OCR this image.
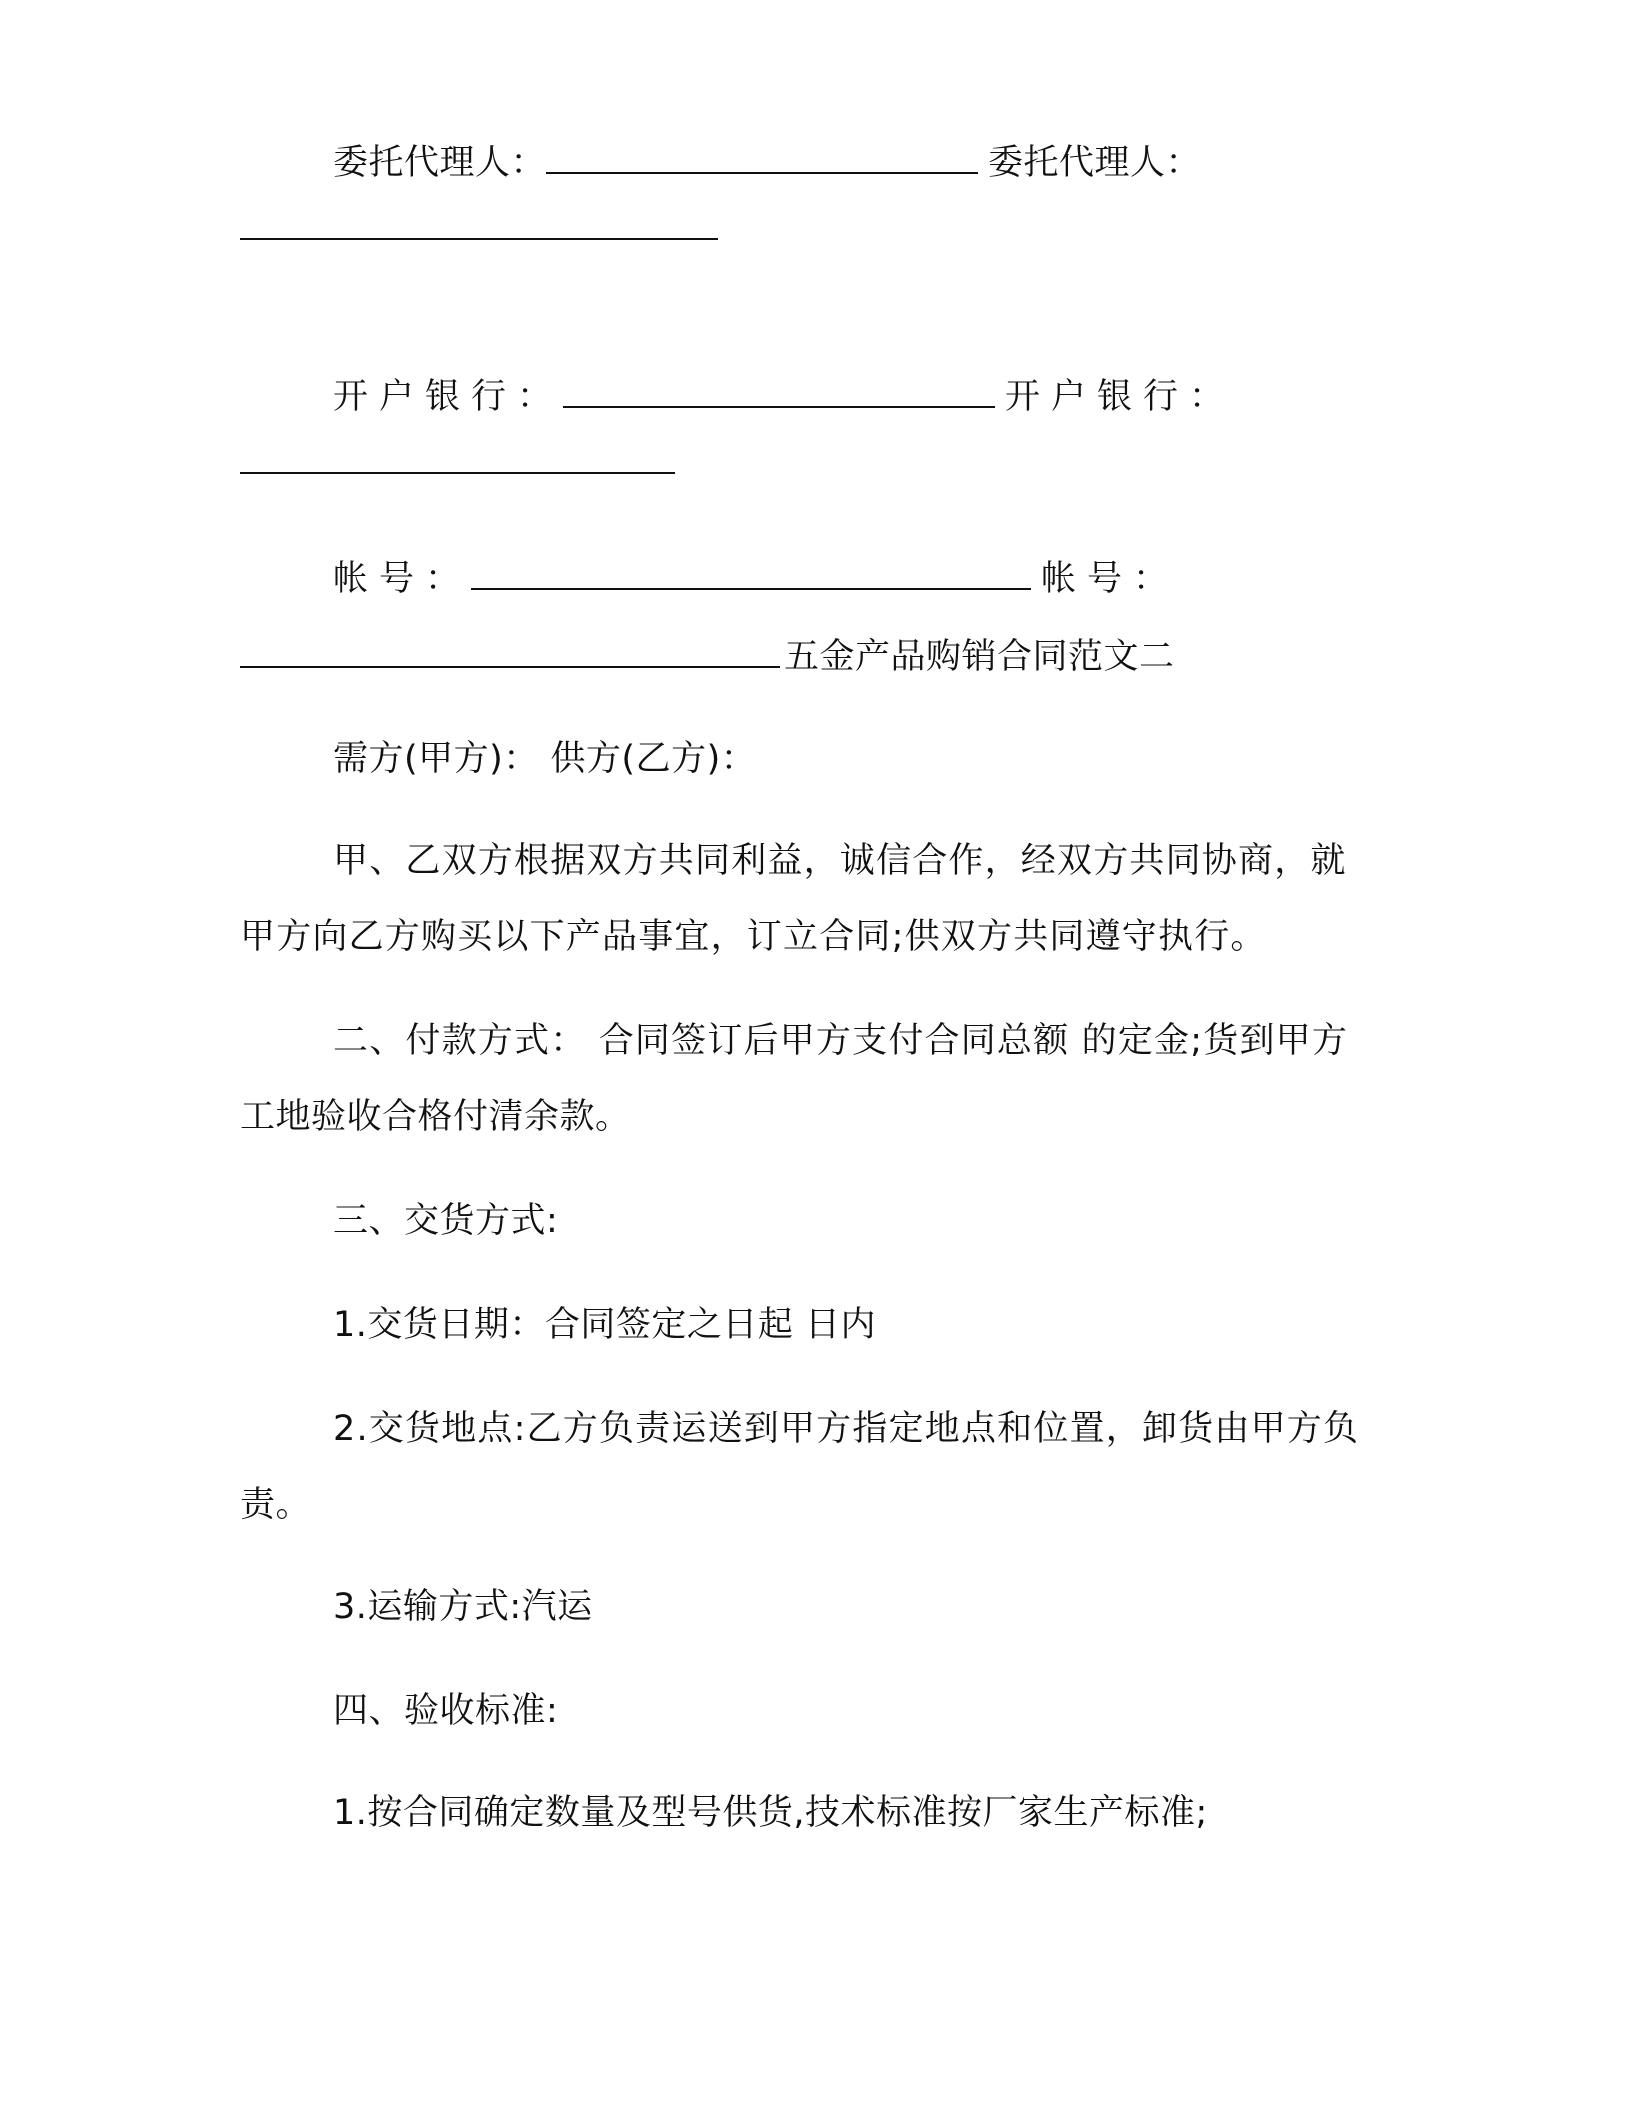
委托代理人：	委托代理人：
开户银行：	开户银行：
帐号：	帐号：
五金产品购销合同范文二
需方(甲方)： 供方(乙方)：
甲、乙双方根据双方共同利益，诚信合作，经双方共同协商，就
甲方向乙方购买以下产品事宜，订立合同;供双方共同遵守执行。
二、付款方式： 合同签订后甲方支付合同总额 的定金;货到甲方
工地验收合格付清余款。
三、交货方式:
1.交货日期：合同签定之日起 日内
2.交货地点:乙方负责运送到甲方指定地点和位置，卸货由甲方负
责。
3.运输方式:汽运
四、验收标准:
1.按合同确定数量及型号供货,技术标准按厂家生产标准;
